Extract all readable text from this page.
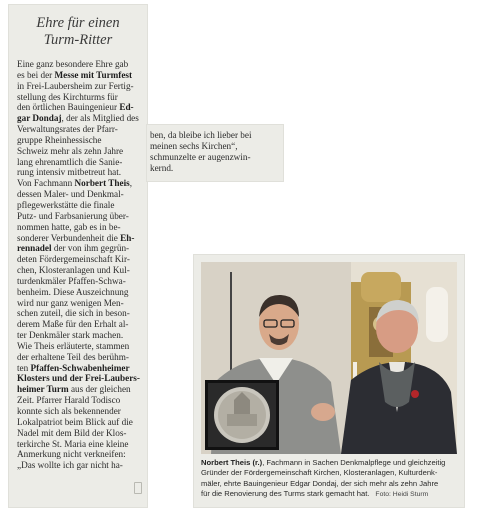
Ehre für einen
Turm-Ritter
Eine ganz besondere Ehre gab
es bei der Messe mit Turmfest
in Frei-Laubersheim zur Fertig-
stellung des Kirchturms für
den örtlichen Bauingenieur Ed-
gar Dondaj, der als Mitglied des
Verwaltungsrates der Pfarr-
gruppe Rheinhessische
Schweiz mehr als zehn Jahre
lang ehrenamtlich die Sanie-
rung intensiv mitbetreut hat.
Von Fachmann Norbert Theis,
dessen Maler- und Denkmal-
pflegewerkstätte die finale
Putz- und Farbsanierung über-
nommen hatte, gab es in be-
sonderer Verbundenheit die Eh-
rennadel der von ihm gegrün-
deten Fördergemeinschaft Kir-
chen, Klosteranlagen und Kul-
turdenkmäler Pfaffen-Schwa-
benheim. Diese Auszeichnung
wird nur ganz wenigen Men-
schen zuteil, die sich in beson-
derem Maße für den Erhalt al-
ter Denkmäler stark machen.
Wie Theis erläuterte, stammen
der erhaltene Teil des berühm-
ten Pfaffen-Schwabenheimer
Klosters und der Frei-Laubers-
heimer Turm aus der gleichen
Zeit. Pfarrer Harald Todisco
konnte sich als bekennender
Lokalpatriot beim Blick auf die
Nadel mit dem Bild der Klos-
terkirche St. Maria eine kleine
Anmerkung nicht verkneifen:
„Das wollte ich gar nicht ha-
ben, da bleibe ich lieber bei
meinen sechs Kirchen“,
schmunzelte er augenzwin-
kernd.
Norbert Theis (r.), Fachmann in Sachen Denkmalpflege und gleichzeitig
Gründer der Fördergemeinschaft Kirchen, Klosteranlagen, Kulturdenk-
mäler, ehrte Bauingenieur Edgar Dondaj, der sich mehr als zehn Jahre
für die Renovierung des Turms stark gemacht hat. Foto: Heidi Sturm
